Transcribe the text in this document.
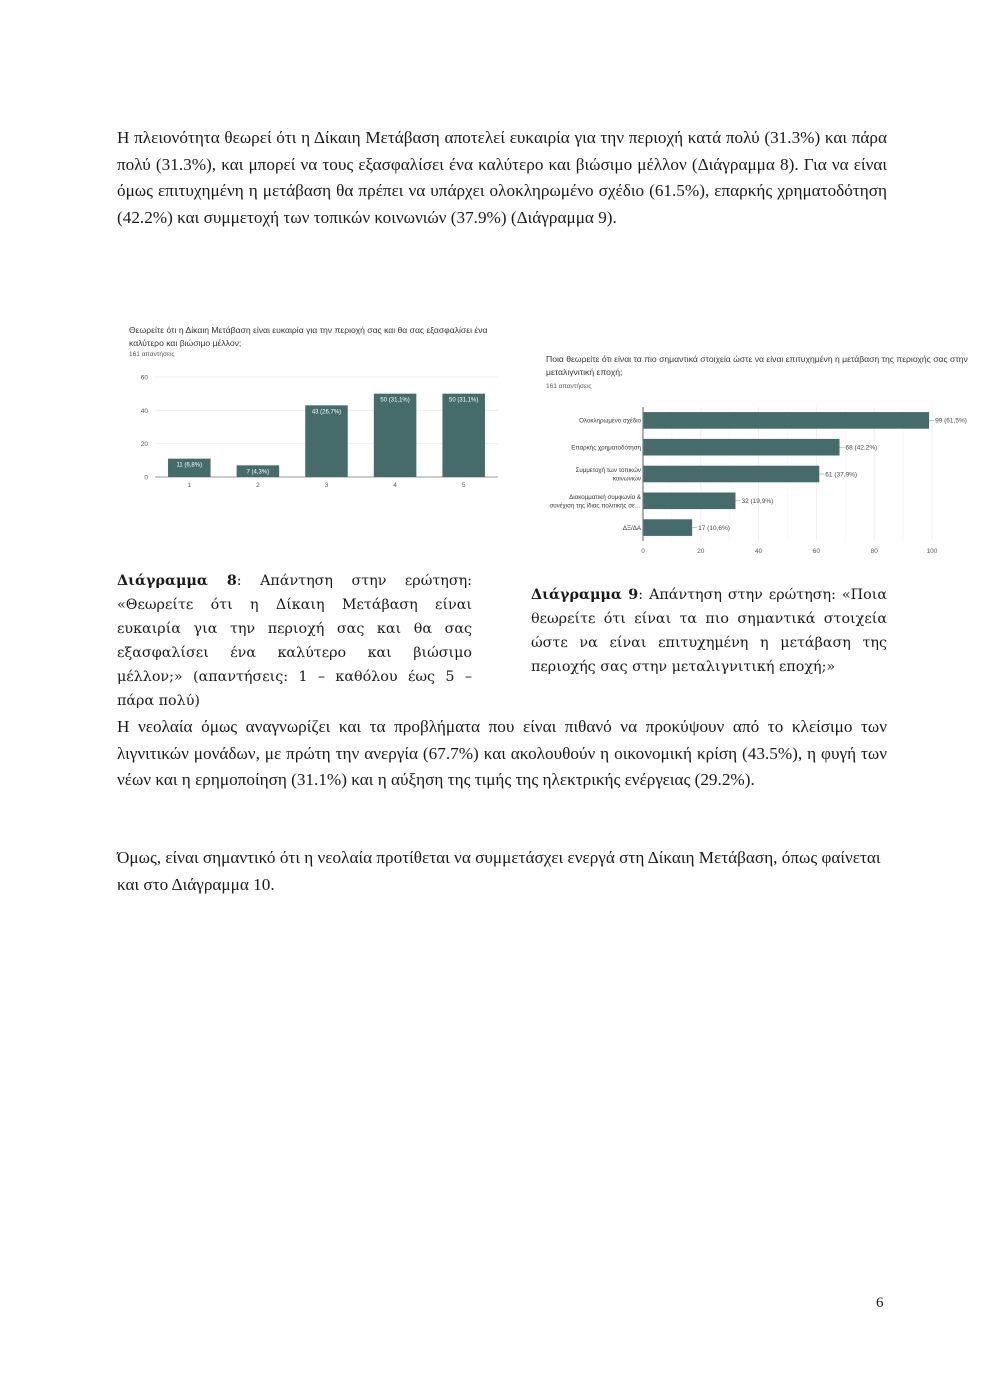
Η πλειονότητα θεωρεί ότι η Δίκαιη Μετάβαση αποτελεί ευκαιρία για την περιοχή κατά πολύ (31.3%) και πάρα πολύ (31.3%), και μπορεί να τους εξασφαλίσει ένα καλύτερο και βιώσιμο μέλλον (Διάγραμμα 8). Για να είναι όμως επιτυχημένη η μετάβαση θα πρέπει να υπάρχει ολοκληρωμένο σχέδιο (61.5%), επαρκής χρηματοδότηση (42.2%) και συμμετοχή των τοπικών κοινωνιών (37.9%) (Διάγραμμα 9).
Θεωρείτε ότι η Δίκαιη Μετάβαση είναι ευκαιρία για την περιοχή σας και θα σας εξασφαλίσει ένα καλύτερο και βιώσιμο μέλλον;
161 απαντήσεις
0
20
40
60
11 (6,8%)
1
7 (4,3%)
2
43 (26,7%)
3
50 (31,1%)
4
50 (31,1%)
5
Ποια θεωρείτε ότι είναι τα πιο σημαντικά στοιχεία ώστε να είναι επιτυχημένη η μετάβαση της περιοχής σας στην μεταλιγνιτική εποχή;
161 απαντήσεις
0	20	40	60	80	100
99 (61,5%)
Ολοκληρωμένο σχέδιο
68 (42,2%)
Επαρκής χρηματοδότηση
61 (37,9%)
Συμμετοχή των τοπικών
κοινωνιών
32 (19,9%)
Διακομματική συμφωνία &
συνέχιση της ίδιας πολιτικής σε…
17 (10,6%)
ΔΞ/ΔΑ
Διάγραμμα 8: Απάντηση στην ερώτηση: «Θεωρείτε ότι η Δίκαιη Μετάβαση είναι ευκαιρία για την περιοχή σας και θα σας εξασφαλίσει ένα καλύτερο και βιώσιμο μέλλον;» (απαντήσεις: 1 – καθόλου έως 5 – πάρα πολύ)
Διάγραμμα 9: Απάντηση στην ερώτηση: «Ποια θεωρείτε ότι είναι τα πιο σημαντικά στοιχεία ώστε να είναι επιτυχημένη η μετάβαση της περιοχής σας στην μεταλιγνιτική εποχή;»
Η νεολαία όμως αναγνωρίζει και τα προβλήματα που είναι πιθανό να προκύψουν από το κλείσιμο των λιγνιτικών μονάδων, με πρώτη την ανεργία (67.7%) και ακολουθούν η οικονομική κρίση (43.5%), η φυγή των νέων και η ερημοποίηση (31.1%) και η αύξηση της τιμής της ηλεκτρικής ενέργειας (29.2%).
Όμως, είναι σημαντικό ότι η νεολαία προτίθεται να συμμετάσχει ενεργά στη Δίκαιη Μετάβαση, όπως φαίνεται και στο Διάγραμμα 10.
6
